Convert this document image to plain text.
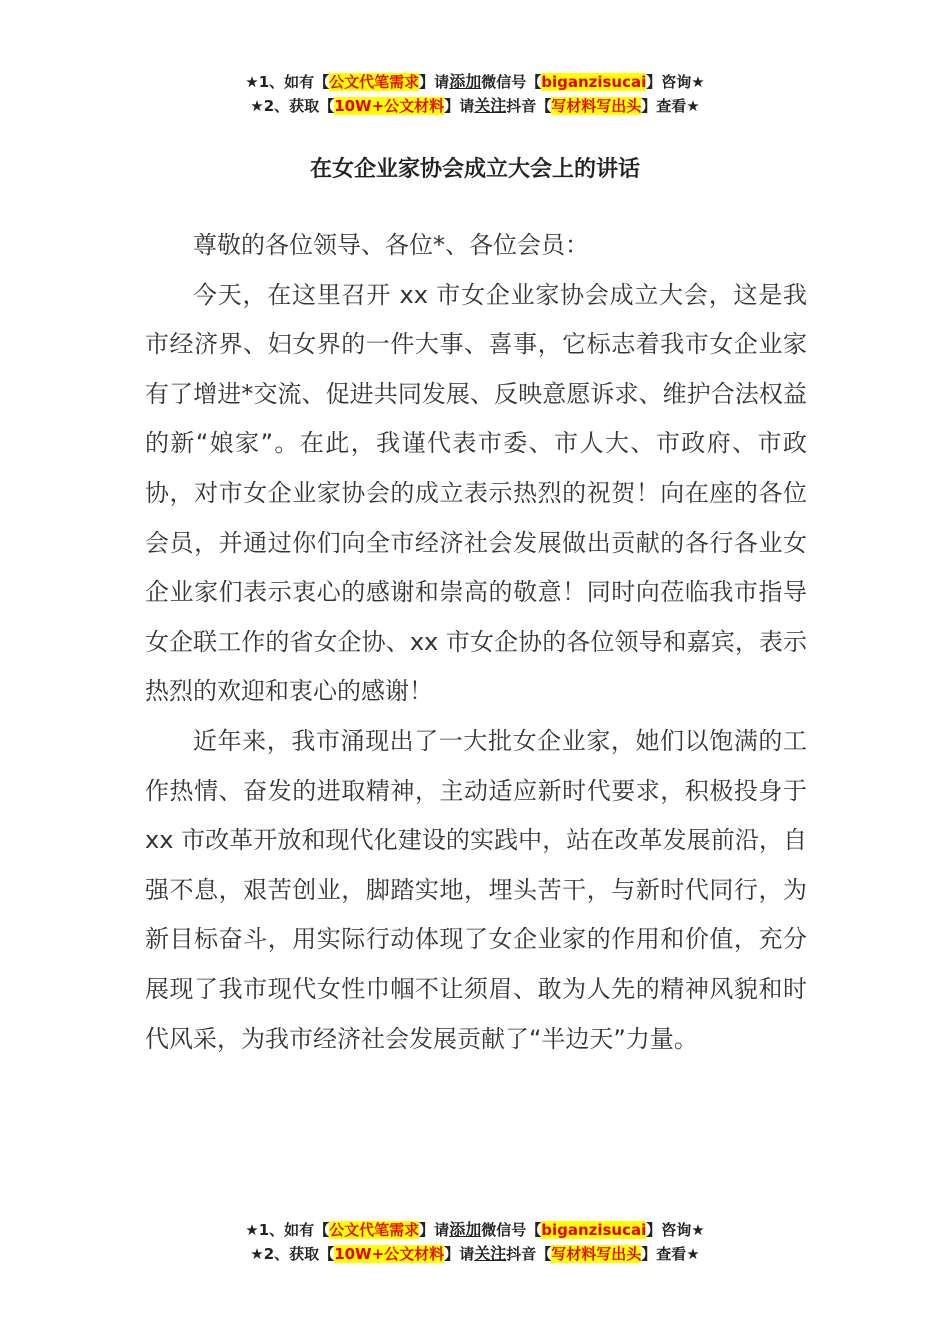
★1、如有【公文代笔需求】请添加微信号【biganzisucai】咨询★
★2、获取【10W+公文材料】请关注抖音【写材料写出头】查看★
在女企业家协会成立大会上的讲话

尊敬的各位领导、各位*、各位会员：

今天，在这里召开 xx 市女企业家协会成立大会，这是我市经济界、妇女界的一件大事、喜事，它标志着我市女企业家有了增进*交流、促进共同发展、反映意愿诉求、维护合法权益的新“娘家”。在此，我谨代表市委、市人大、市政府、市政协，对市女企业家协会的成立表示热烈的祝贺！向在座的各位会员，并通过你们向全市经济社会发展做出贡献的各行各业女企业家们表示衷心的感谢和崇高的敬意！同时向莅临我市指导女企联工作的省女企协、xx 市女企协的各位领导和嘉宾，表示热烈的欢迎和衷心的感谢！

近年来，我市涌现出了一大批女企业家，她们以饱满的工作热情、奋发的进取精神，主动适应新时代要求，积极投身于 xx 市改革开放和现代化建设的实践中，站在改革发展前沿，自强不息，艰苦创业，脚踏实地，埋头苦干，与新时代同行，为新目标奋斗，用实际行动体现了女企业家的作用和价值，充分展现了我市现代女性巾帼不让须眉、敢为人先的精神风貌和时代风采，为我市经济社会发展贡献了“半边天”力量。

★1、如有【公文代笔需求】请添加微信号【biganzisucai】咨询★
★2、获取【10W+公文材料】请关注抖音【写材料写出头】查看★
